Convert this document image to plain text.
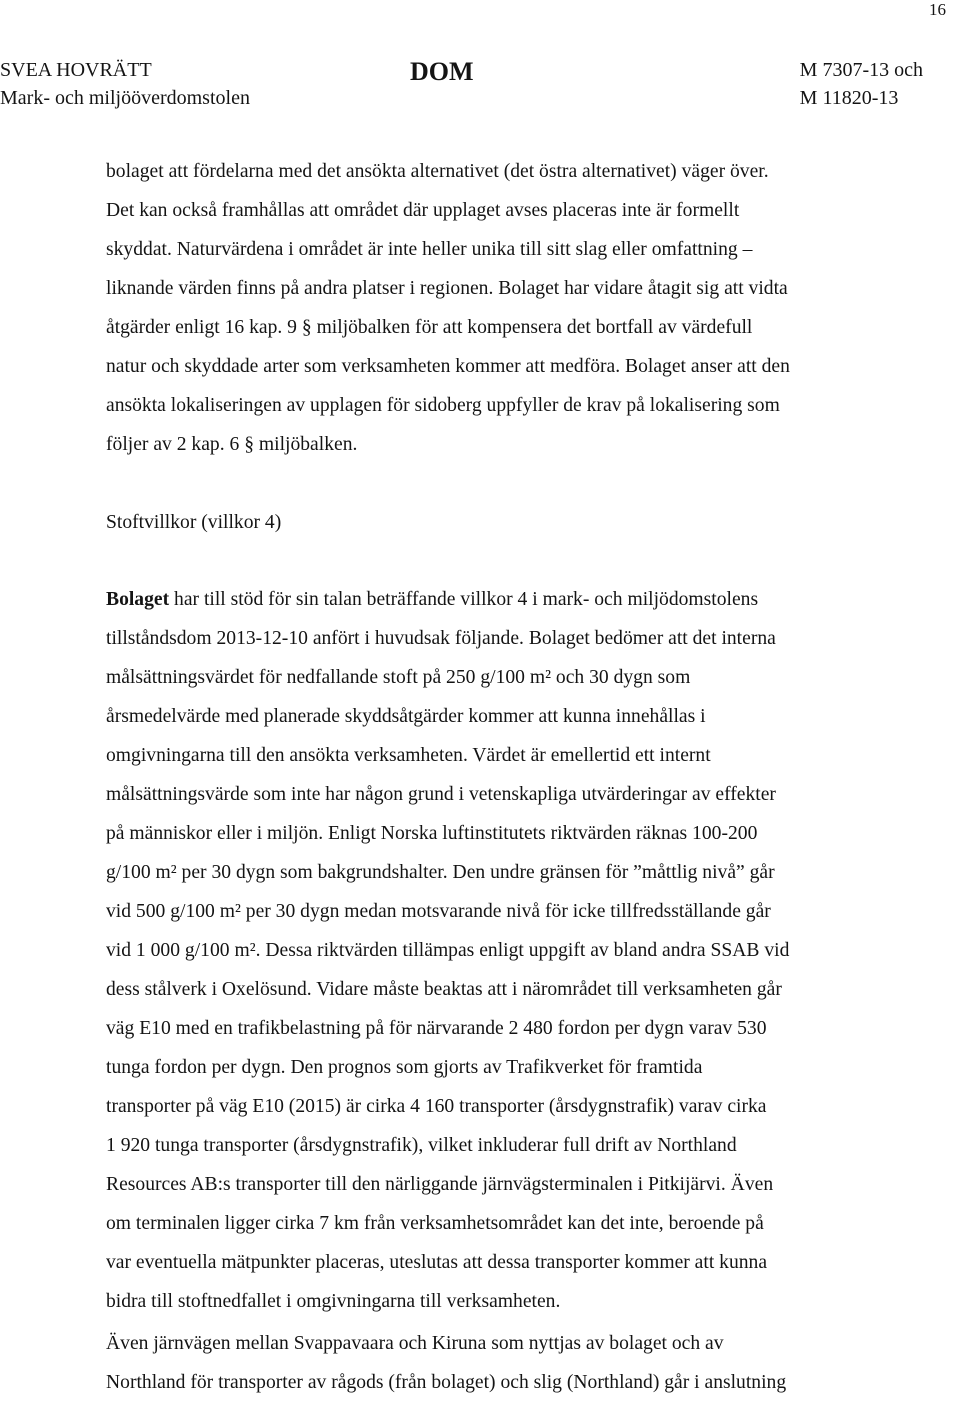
16
SVEA HOVRÄTT
Mark- och miljööverdomstolen
DOM	M 7307-13 och
M 11820-13
bolaget att fördelarna med det ansökta alternativet (det östra alternativet) väger över.
Det kan också framhållas att området där upplaget avses placeras inte är formellt
skyddat. Naturvärdena i området är inte heller unika till sitt slag eller omfattning –
liknande värden finns på andra platser i regionen. Bolaget har vidare åtagit sig att vidta
åtgärder enligt 16 kap. 9 § miljöbalken för att kompensera det bortfall av värdefull
natur och skyddade arter som verksamheten kommer att medföra. Bolaget anser att den
ansökta lokaliseringen av upplagen för sidoberg uppfyller de krav på lokalisering som
följer av 2 kap. 6 § miljöbalken.
Stoftvillkor (villkor 4)
Bolaget har till stöd för sin talan beträffande villkor 4 i mark- och miljödomstolens
tillståndsdom 2013-12-10 anfört i huvudsak följande. Bolaget bedömer att det interna
målsättningsvärdet för nedfallande stoft på 250 g/100 m² och 30 dygn som
årsmedelvärde med planerade skyddsåtgärder kommer att kunna innehållas i
omgivningarna till den ansökta verksamheten. Värdet är emellertid ett internt
målsättningsvärde som inte har någon grund i vetenskapliga utvärderingar av effekter
på människor eller i miljön. Enligt Norska luftinstitutets riktvärden räknas 100-200
g/100 m² per 30 dygn som bakgrundshalter. Den undre gränsen för ”måttlig nivå” går
vid 500 g/100 m² per 30 dygn medan motsvarande nivå för icke tillfredsställande går
vid 1 000 g/100 m². Dessa riktvärden tillämpas enligt uppgift av bland andra SSAB vid
dess stålverk i Oxelösund. Vidare måste beaktas att i närområdet till verksamheten går
väg E10 med en trafikbelastning på för närvarande 2 480 fordon per dygn varav 530
tunga fordon per dygn. Den prognos som gjorts av Trafikverket för framtida
transporter på väg E10 (2015) är cirka 4 160 transporter (årsdygnstrafik) varav cirka
1 920 tunga transporter (årsdygnstrafik), vilket inkluderar full drift av Northland
Resources AB:s transporter till den närliggande järnvägsterminalen i Pitkijärvi. Även
om terminalen ligger cirka 7 km från verksamhetsområdet kan det inte, beroende på
var eventuella mätpunkter placeras, uteslutas att dessa transporter kommer att kunna
bidra till stoftnedfallet i omgivningarna till verksamheten.
Även järnvägen mellan Svappavaara och Kiruna som nyttjas av bolaget och av
Northland för transporter av rågods (från bolaget) och slig (Northland) går i anslutning
